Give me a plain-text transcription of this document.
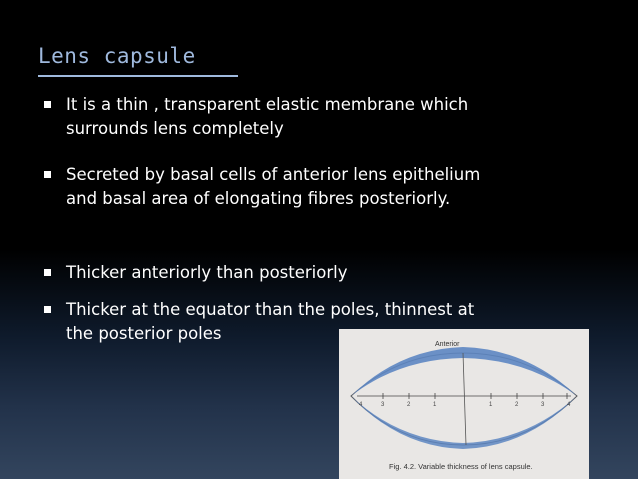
Lens capsule
It is a thin , transparent elastic membrane which
surrounds lens completely
Secreted by basal cells of anterior lens epithelium
and basal area of elongating fibres posteriorly.
Thicker anteriorly than posteriorly
Thicker at the equator than the poles, thinnest at
the posterior poles
Anterior
4	3	2	1	1	2	3	4
Fig. 4.2. Variable thickness of lens capsule.
